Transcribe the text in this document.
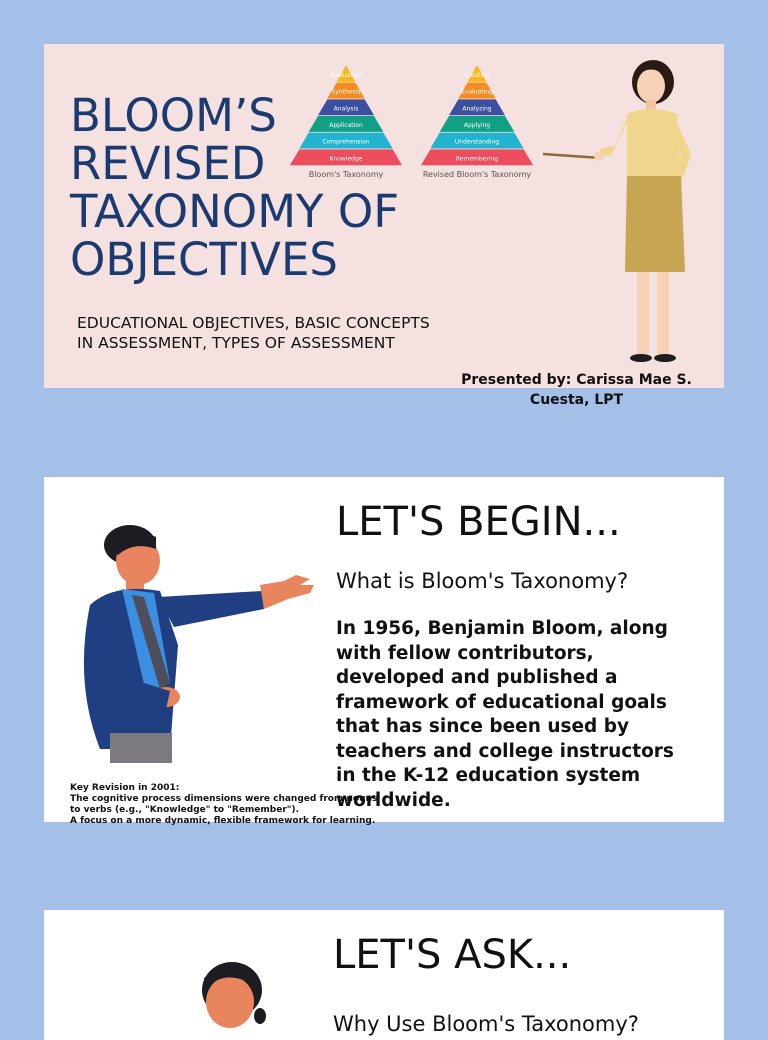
BLOOM’S
REVISED
TAXONOMY OF
OBJECTIVES
Evaluation
Synthesis
Analysis
Application
Comprehension
Knowledge
Bloom's Taxonomy
Creating
Evaluating
Analyzing
Applying
Understanding
Remembering
Revised Bloom's Taxonomy

EDUCATIONAL OBJECTIVES, BASIC CONCEPTS IN ASSESSMENT, TYPES OF ASSESSMENT

Presented by: Carissa Mae S. Cuesta, LPT
LET'S BEGIN...
What is Bloom's Taxonomy?
In 1956, Benjamin Bloom, along with fellow contributors, developed and published a framework of educational goals that has since been used by teachers and college instructors in the K-12 education system worldwide.
Key Revision in 2001:
The cognitive process dimensions were changed from nouns to verbs (e.g., "Knowledge" to "Remember").
A focus on a more dynamic, flexible framework for learning.
LET'S ASK...
Why Use Bloom's Taxonomy?
